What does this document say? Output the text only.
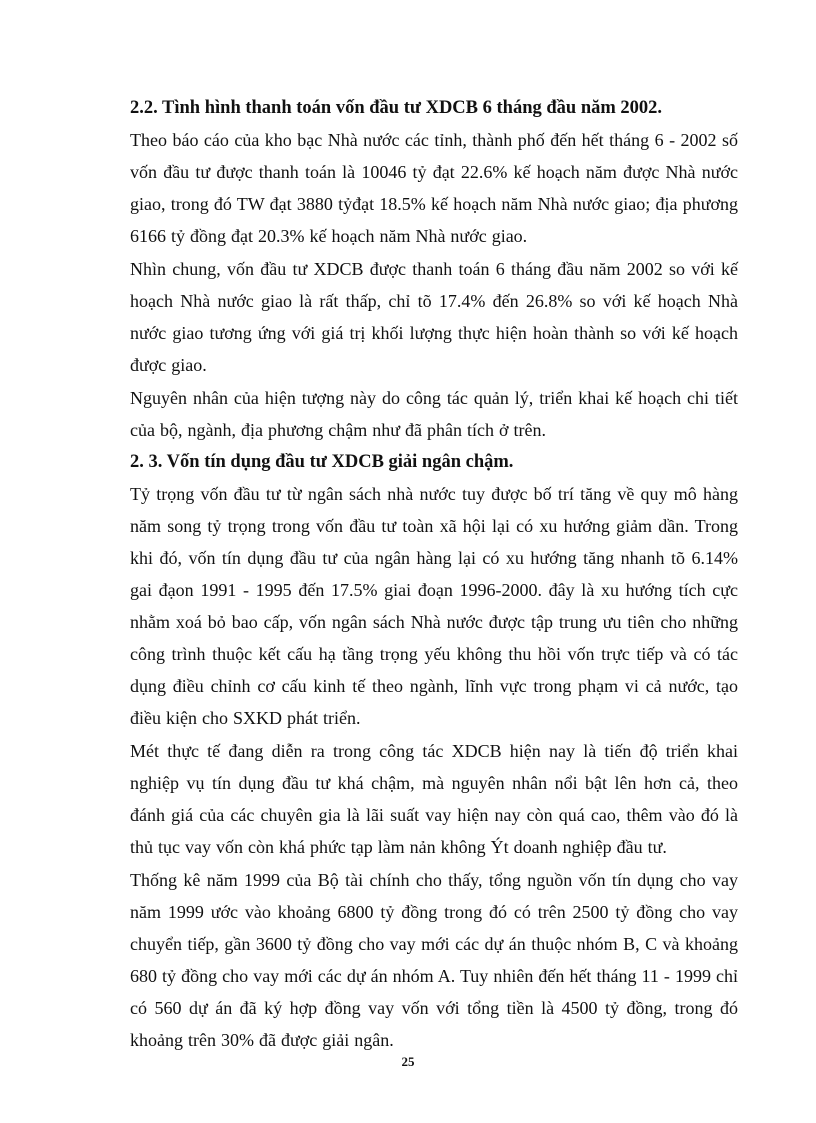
2.2. Tình hình thanh toán vốn đầu tư XDCB 6 tháng đầu năm 2002.

Theo báo cáo của kho bạc Nhà nước các tỉnh, thành phố đến hết tháng 6 - 2002 số vốn đầu tư được thanh toán là 10046 tỷ đạt 22.6% kế hoạch năm được Nhà nước giao, trong đó TW đạt 3880 tỷđạt 18.5% kế hoạch năm Nhà nước giao; địa phương 6166 tỷ đồng đạt 20.3% kế hoạch năm Nhà nước giao.

Nhìn chung, vốn đầu tư XDCB được thanh toán 6 tháng đầu năm 2002 so với kế hoạch Nhà nước giao là rất thấp, chỉ tõ 17.4% đến 26.8% so với kế hoạch Nhà nước giao tương ứng với giá trị khối lượng thực hiện hoàn thành so với kế hoạch được giao.

Nguyên nhân của hiện tượng này do công tác quản lý, triển khai kế hoạch chi tiết của bộ, ngành, địa phương chậm như đã phân tích ở trên.

2. 3. Vốn tín dụng đầu tư XDCB giải ngân chậm.

Tỷ trọng vốn đầu tư từ ngân sách nhà nước tuy được bố trí tăng về quy mô hàng năm song tỷ trọng trong vốn đầu tư toàn xã hội lại có xu hướng giảm dần. Trong khi đó, vốn tín dụng đầu tư của ngân hàng lại có xu hướng tăng nhanh tõ 6.14% gai đạon 1991 - 1995 đến 17.5% giai đoạn 1996-2000. đây là xu hướng tích cực nhằm xoá bỏ bao cấp, vốn ngân sách Nhà nước được tập trung ưu tiên cho những công trình thuộc kết cấu hạ tầng trọng yếu không thu hồi vốn trực tiếp và có tác dụng điều chỉnh cơ cấu kinh tế theo ngành, lĩnh vực trong phạm vi cả nước, tạo điều kiện cho SXKD phát triển.

Mét thực tế đang diễn ra trong công tác XDCB hiện nay là tiến độ triển khai nghiệp vụ tín dụng đầu tư khá chậm, mà nguyên nhân nổi bật lên hơn cả, theo đánh giá của các chuyên gia là lãi suất vay hiện nay còn quá cao, thêm vào đó là thủ tục vay vốn còn khá phức tạp làm nản không Ýt doanh nghiệp đầu tư.

Thống kê năm 1999 của Bộ tài chính cho thấy, tổng nguồn vốn tín dụng cho vay năm 1999 ước vào khoảng 6800 tỷ đồng trong đó có trên 2500 tỷ đồng cho vay chuyển tiếp, gần 3600 tỷ đồng cho vay mới các dự án thuộc nhóm B, C và khoảng 680 tỷ đồng cho vay mới các dự án nhóm A. Tuy nhiên đến hết tháng 11 - 1999 chỉ có 560 dự án đã ký hợp đồng vay vốn với tổng tiền là 4500 tỷ đồng, trong đó khoảng trên 30% đã được giải ngân.

25
